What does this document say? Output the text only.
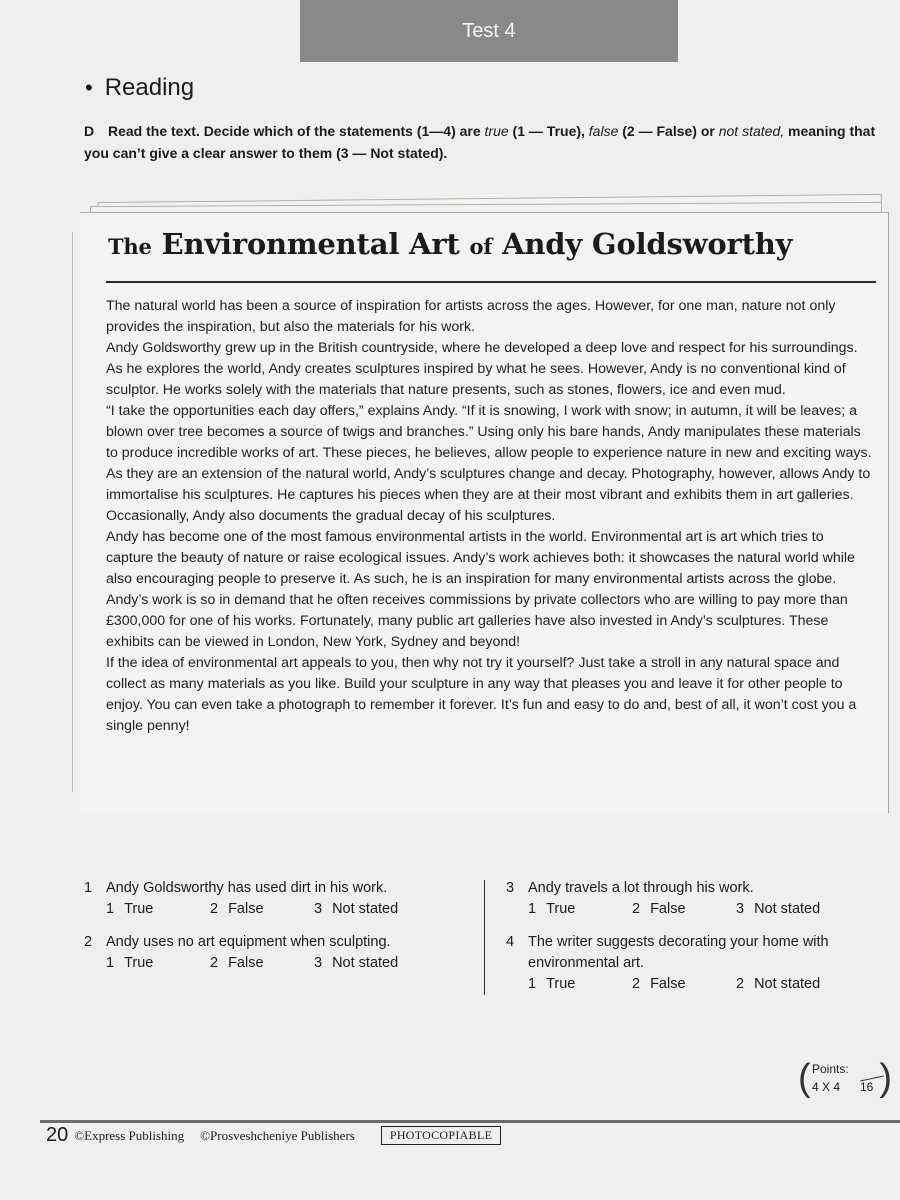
Test 4
• Reading
D Read the text. Decide which of the statements (1—4) are true (1 — True), false (2 — False) or not stated, meaning that you can’t give a clear answer to them (3 — Not stated).
The Environmental Art of Andy Goldsworthy

The natural world has been a source of inspiration for artists across the ages. However, for one man, nature not only provides the inspiration, but also the materials for his work.

Andy Goldsworthy grew up in the British countryside, where he developed a deep love and respect for his surroundings. As he explores the world, Andy creates sculptures inspired by what he sees. However, Andy is no conventional kind of sculptor. He works solely with the materials that nature presents, such as stones, flowers, ice and even mud.

“I take the opportunities each day offers,” explains Andy. “If it is snowing, I work with snow; in autumn, it will be leaves; a blown over tree becomes a source of twigs and branches.” Using only his bare hands, Andy manipulates these materials to produce incredible works of art. These pieces, he believes, allow people to experience nature in new and exciting ways.

As they are an extension of the natural world, Andy’s sculptures change and decay. Photography, however, allows Andy to immortalise his sculptures. He captures his pieces when they are at their most vibrant and exhibits them in art galleries. Occasionally, Andy also documents the gradual decay of his sculptures.

Andy has become one of the most famous environmental artists in the world. Environmental art is art which tries to capture the beauty of nature or raise ecological issues. Andy’s work achieves both: it showcases the natural world while also encouraging people to preserve it. As such, he is an inspiration for many environmental artists across the globe.

Andy’s work is so in demand that he often receives commissions by private collectors who are willing to pay more than £300,000 for one of his works. Fortunately, many public art galleries have also invested in Andy’s sculptures. These exhibits can be viewed in London, New York, Sydney and beyond!

If the idea of environmental art appeals to you, then why not try it yourself? Just take a stroll in any natural space and collect as many materials as you like. Build your sculpture in any way that pleases you and leave it for other people to enjoy. You can even take a photograph to remember it forever. It’s fun and easy to do and, best of all, it won’t cost you a single penny!

1 Andy Goldsworthy has used dirt in his work.
1 True	2 False	3 Not stated
2 Andy uses no art equipment when sculpting.
1 True	2 False	3 Not stated
3 Andy travels a lot through his work.
1 True	2 False	3 Not stated
4 The writer suggests decorating your home with environmental art.
1 True	2 False	2 Not stated
( Points:
4 X 4 16 )
20 ©Express Publishing ©Prosveshcheniye Publishers	PHOTOCOPIABLE
